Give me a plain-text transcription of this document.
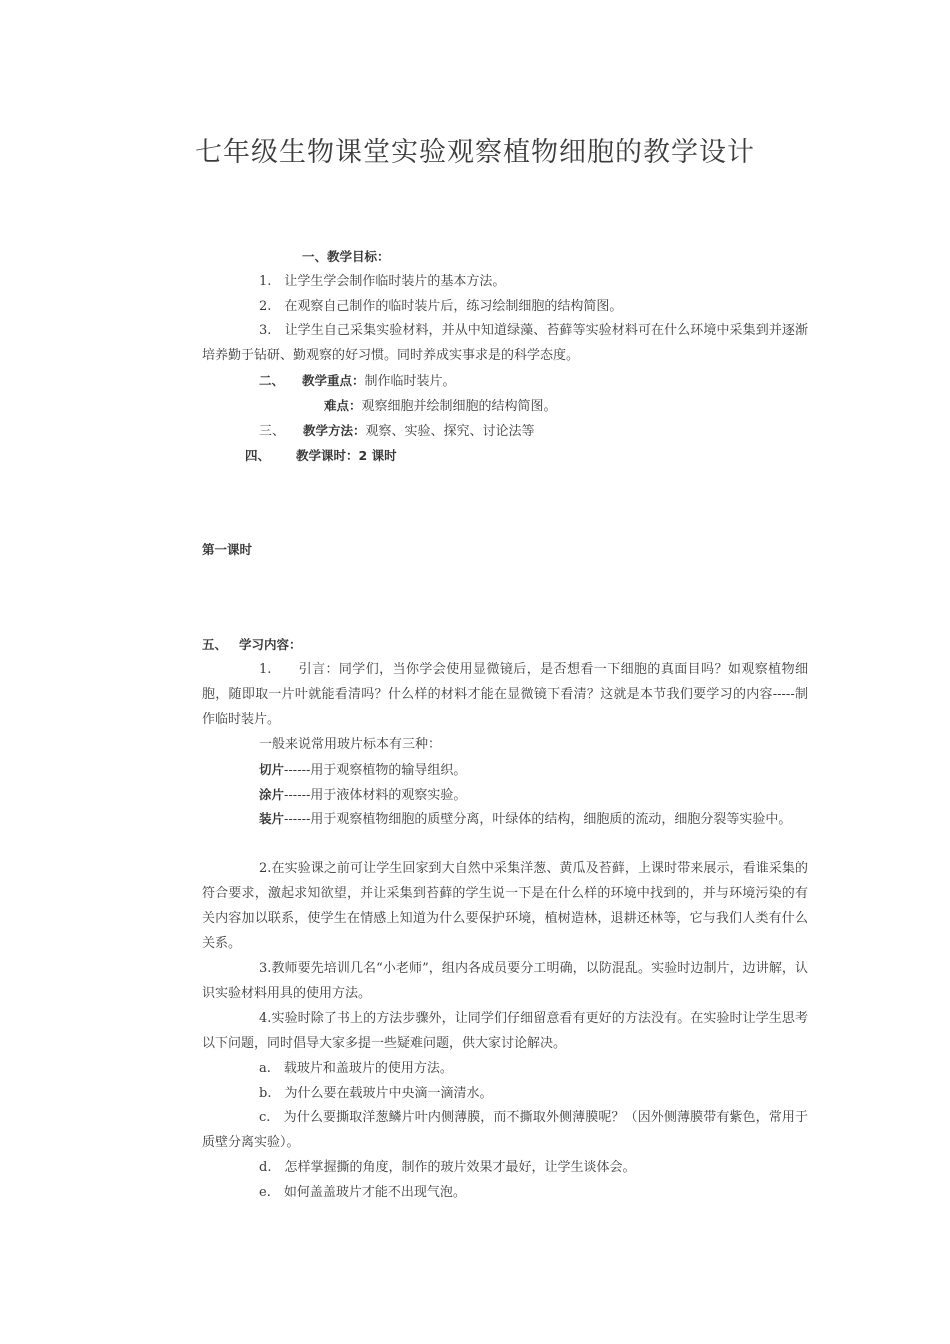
七年级生物课堂实验观察植物细胞的教学设计
一、教学目标：
1.　让学生学会制作临时装片的基本方法。
2.　在观察自己制作的临时装片后，练习绘制细胞的结构简图。

3.　让学生自己采集实验材料，并从中知道绿藻、苔藓等实验材料可在什么环境中采集到并逐渐培养勤于钻研、勤观察的好习惯。同时养成实事求是的科学态度。

二、 教学重点：制作临时装片。
难点：观察细胞并绘制细胞的结构简图。
三、 教学方法：观察、实验、探究、讨论法等
四、 教学课时：2 课时
第一课时
五、 学习内容：

1.　　引言：同学们，当你学会使用显微镜后，是否想看一下细胞的真面目吗？如观察植物细胞，随即取一片叶就能看清吗？什么样的材料才能在显微镜下看清？这就是本节我们要学习的内容-----制作临时装片。

一般来说常用玻片标本有三种：
切片------用于观察植物的输导组织。
涂片------用于液体材料的观察实验。

装片------用于观察植物细胞的质壁分离，叶绿体的结构，细胞质的流动，细胞分裂等实验中。

2.在实验课之前可让学生回家到大自然中采集洋葱、黄瓜及苔藓，上课时带来展示，看谁采集的符合要求，激起求知欲望，并让采集到苔藓的学生说一下是在什么样的环境中找到的，并与环境污染的有关内容加以联系，使学生在情感上知道为什么要保护环境，植树造林，退耕还林等，它与我们人类有什么关系。

3.教师要先培训几名“小老师”，组内各成员要分工明确，以防混乱。实验时边制片，边讲解，认识实验材料用具的使用方法。

4.实验时除了书上的方法步骤外，让同学们仔细留意看有更好的方法没有。在实验时让学生思考以下问题，同时倡导大家多提一些疑难问题，供大家讨论解决。

a.　载玻片和盖玻片的使用方法。
b.　为什么要在载玻片中央滴一滴清水。

c.　为什么要撕取洋葱鳞片叶内侧薄膜，而不撕取外侧薄膜呢？（因外侧薄膜带有紫色，常用于质壁分离实验）。

d.　怎样掌握撕的角度，制作的玻片效果才最好，让学生谈体会。
e.　如何盖盖玻片才能不出现气泡。
